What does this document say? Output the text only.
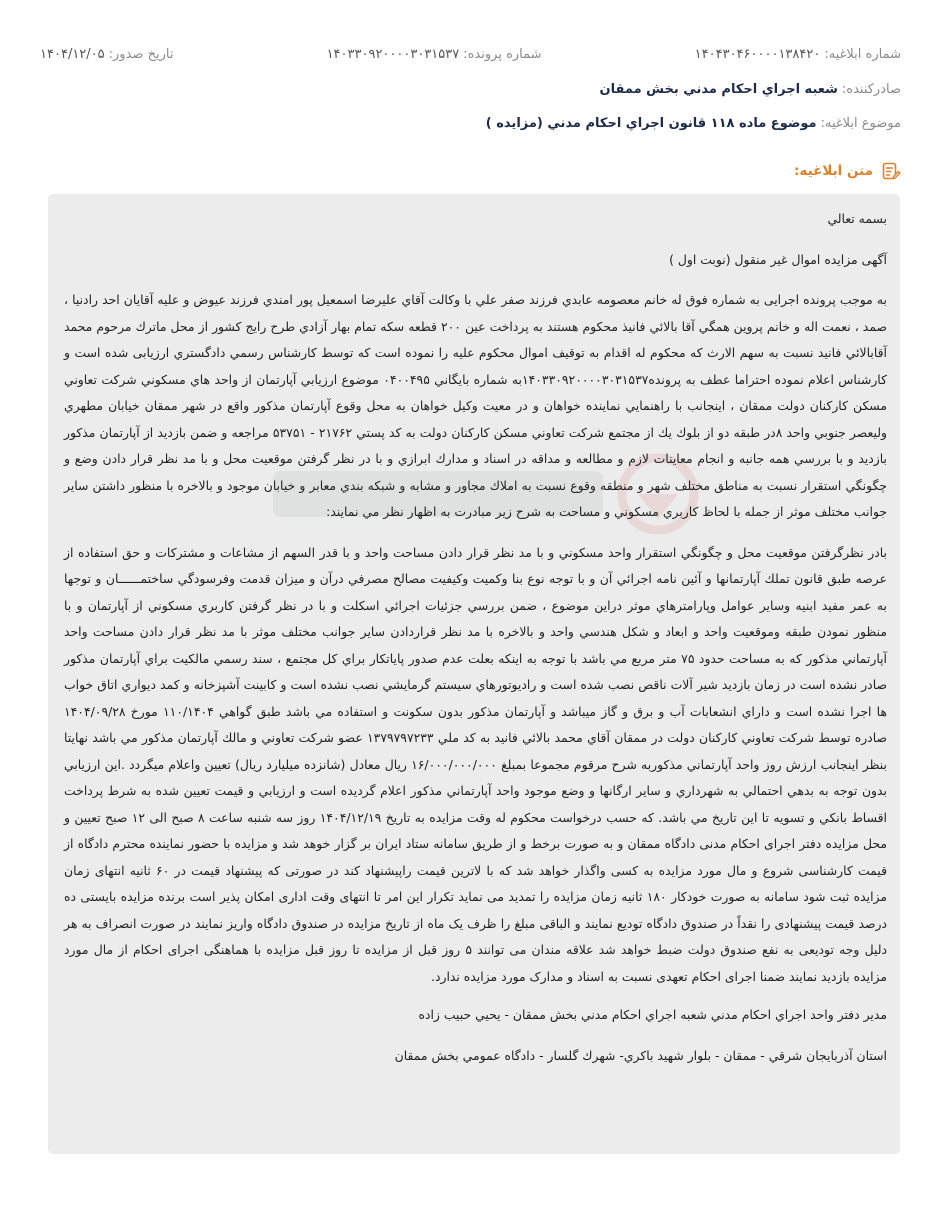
شماره ابلاغیه:
۱۴۰۴۳۰۴۶۰۰۰۰۱۳۸۴۲۰
شماره پرونده:
۱۴۰۳۳۰۹۲۰۰۰۰۳۰۳۱۵۳۷
تاریخ صدور:
۱۴۰۴/۱۲/۰۵
صادرکننده:
شعبه اجراي احكام مدني بخش ممقان
موضوع ابلاغیه:
موضوع ماده ۱۱۸ قانون اجراي احكام مدني (مزايده )
متن ابلاغیه:

بسمه تعالي

آگهی مزایده اموال غیر منقول (نوبت اول )

به موجب پرونده اجرایی به شماره فوق له خانم معصومه عابدي فرزند صفر علي با وكالت آقاي عليرضا اسمعيل پور امندي فرزند عيوض و عليه آقايان احد رادنيا ، صمد ، نعمت اله و خانم پروين همگي آقا بالائي فانيذ محكوم هستند به پرداخت عين ۲۰۰ قطعه سكه تمام بهار آزادي طرح رايج كشور از محل ماترك مرحوم محمد آقابالائي فانيد نسبت به سهم الارث كه محكوم له اقدام به توقيف اموال محكوم عليه را نموده است كه توسط كارشناس رسمي دادگستري ارزيابی شده است و كارشناس اعلام نموده احتراما عطف به پرونده۱۴۰۳۳۰۹۲۰۰۰۰۳۰۳۱۵۳۷به شماره بايگاني ۰۴۰۰۴۹۵ موضوع ارزيابي آپارتمان از واحد هاي مسكوني شركت تعاوني مسكن كاركنان دولت ممقان ، اينجانب با راهنمايي نماينده خواهان و در معيت وكيل خواهان به محل وقوع آپارتمان مذكور واقع در شهر ممقان خيابان مطهري وليعصر جنوبي واحد ۸در طبقه دو از بلوك يك از مجتمع شركت تعاوني مسكن كاركنان دولت به كد پستي ۲۱۷۶۲ - ۵۳۷۵۱ مراجعه و ضمن بازديد از آپارتمان مذكور بازديد و با بررسي همه جانبه و انجام معاينات لازم و مطالعه و مداقه در اسناد و مدارك ابرازي و با در نظر گرفتن موقعيت محل و با مد نظر قرار دادن وضع و چگونگي استقرار نسبت به مناطق مختلف شهر و منطقه وقوع نسبت به املاك مجاور و مشابه و شبكه بندي معابر و خيابان موجود و بالاخره با منظور داشتن ساير جوانب مختلف موثر از جمله با لحاظ كاربري مسكوني و مساحت به شرح زير مبادرت به اظهار نظر مي نمايند:

بادر نظرگرفتن موقعيت محل و چگونگي استقرار واحد مسكوني و با مد نظر قرار دادن مساحت واحد و با قدر السهم از مشاعات و مشتركات و حق استفاده از عرصه طبق قانون تملك آپارتمانها و آئين نامه اجرائي آن و با توجه نوع بنا وكميت وكيفيت مصالح مصرفي درآن و ميزان قدمت وفرسودگي ساختمــــــان و توجها به عمر مفيد ابنيه وساير عوامل وپارامترهاي موثر دراين موضوع ، ضمن بررسي جزئيات اجرائي اسكلت و با در نظر گرفتن كاربري مسكوني از آپارتمان و با منظور نمودن طبقه وموقعيت واحد و ابعاد و شكل هندسي واحد و بالاخره با مد نظر قراردادن ساير جوانب مختلف موثر با مد نظر قرار دادن مساحت واحد آپارتماني مذكور كه به مساحت حدود ۷۵ متر مربع مي باشد با توجه به اينكه بعلت عدم صدور پاياتكار براي كل مجتمع ، سند رسمي مالكيت براي آپارتمان مذكور صادر نشده است در زمان بازديد شير آلات ناقص نصب شده است و راديوتورهاي سيستم گرمايشي نصب نشده است و كابينت آشپزخانه و كمد ديواري اتاق خواب ها اجرا نشده است و داراي انشعابات آب و برق و گاز ميباشد و آپارتمان مذكور بدون سكونت و استفاده مي باشد طبق گواهي ۱۱۰/۱۴۰۴ مورخ ۱۴۰۴/۰۹/۲۸ صادره توسط شركت تعاوني كاركنان دولت در ممقان آقاي محمد بالائي فانيد به كد ملي ۱۳۷۹۷۹۷۲۳۳ عضو شركت تعاوني و مالك آپارتمان مذكور مي باشد نهايتا بنظر اينجانب ارزش روز واحد آپارتماني مذكوربه شرح مرقوم مجموعا بمبلغ ۱۶/۰۰۰/۰۰۰/۰۰۰ ريال معادل (شانزده ميليارد ريال) تعيين واعلام ميگردد .اين ارزيابي بدون توجه به بدهي احتمالي به شهرداري و ساير ارگانها و وضع موجود واحد آپارتماني مذكور اعلام گرديده است و ارزيابي و قيمت تعيين شده به شرط پرداخت اقساط بانكي و تسويه تا اين تاريخ مي باشد. كه حسب درخواست محکوم له وقت مزایده به تاریخ ۱۴۰۴/۱۲/۱۹ روز سه شنبه ساعت ۸ صبح الی ۱۲ صبح تعیین و محل مزایده دفتر اجرای احکام مدنی دادگاه ممقان و به صورت برخط و از طریق سامانه ستاد ایران بر گزار خوهد شد و مزایده با حضور نماینده محترم دادگاه از قیمت کارشناسی شروع و مال مورد مزایده به کسی واگذار خواهد شد که با لاترین قیمت راپیشنهاد کند در صورتی که پیشنهاد قیمت در ۶۰ ثانیه انتهای زمان مزایده ثبت شود سامانه به صورت خودکار ۱۸۰ ثانیه زمان مزایده را تمدید می نماید تکرار این امر تا انتهای وقت اداری امکان پذیر است برنده مزایده بایستی ده درصد قیمت پیشنهادی را نقداً در صندوق دادگاه تودیع نمایند و الباقی مبلغ را ظرف یک ماه از تاریخ مزایده در صندوق دادگاه واریز نمایند در صورت انصراف به هر دلیل وجه تودیعی به نفع صندوق دولت ضبط خواهد شد علاقه مندان می توانند ۵ روز قبل از مزایده تا روز قبل مزایده با هماهنگی اجرای احکام از مال مورد مزایده بازدید نمایند ضمنا اجرای احکام تعهدی نسبت به اسناد و مدارک مورد مزایده ندارد.

مدير دفتر واحد اجراي احكام مدني شعبه اجراي احكام مدني بخش ممقان - يحيي حبيب زاده

استان آذربايجان شرقي - ممقان - بلوار شهيد باكري- شهرك گلسار - دادگاه عمومي بخش ممقان
